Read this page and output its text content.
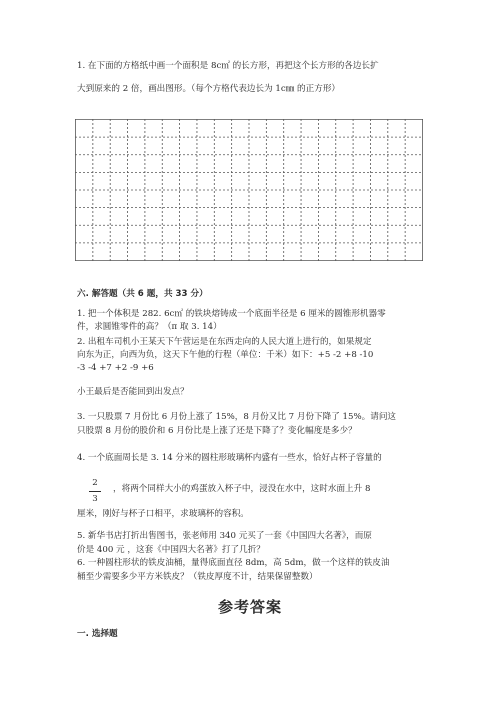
1. 在下面的方格纸中画一个面积是 8c㎡ 的长方形，再把这个长方形的各边长扩
大到原来的 2 倍，画出图形。（每个方格代表边长为 1c㎜ 的正方形）
六. 解答题（共 6 题，共 33 分）
1. 把一个体积是 282. 6c㎡ 的铁块熔铸成一个底面半径是 6 厘米的圆锥形机器零
件，求圆锥零件的高？（π 取 3. 14）
2. 出租车司机小王某天下午营运是在东西走向的人民大道上进行的，如果规定
向东为正，向西为负，这天下午他的行程（单位：千米）如下：+5 -2 +8 -10
-3 -4 +7 +2 -9 +6
小王最后是否能回到出发点？
3. 一只股票 7 月份比 6 月份上涨了 15%，8 月份又比 7 月份下降了 15%。请问这
只股票 8 月份的股价和 6 月份比是上涨了还是下降了？变化幅度是多少？
4. 一个底面周长是 3. 14 分米的圆柱形玻璃杯内盛有一些水，恰好占杯子容量的
2
3
，将两个同样大小的鸡蛋放入杯子中，浸没在水中，这时水面上升 8
厘米，刚好与杯子口相平，求玻璃杯的容积。
5. 新华书店打折出售图书，张老师用 340 元买了一套《中国四大名著》，而原
价是 400 元 ，这套《中国四大名著》打了几折？
6. 一种圆柱形状的铁皮油桶，量得底面直径 8dm，高 5dm，做一个这样的铁皮油
桶至少需要多少平方米铁皮？（铁皮厚度不计，结果保留整数）
参考答案
一. 选择题
